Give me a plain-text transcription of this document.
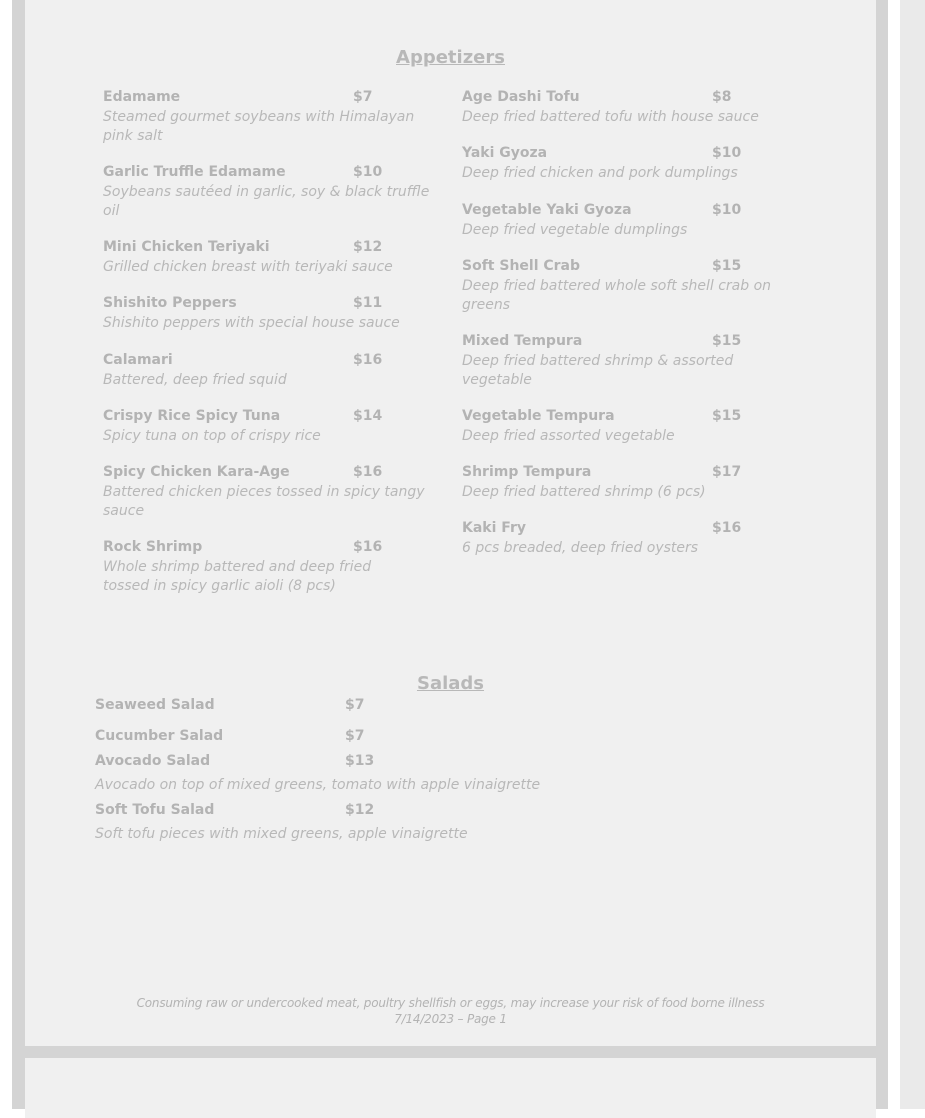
Appetizers
Edamame	$7
Steamed gourmet soybeans with Himalayan pink salt
Garlic Truffle Edamame	$10
Soybeans sautéed in garlic, soy & black truffle oil
Mini Chicken Teriyaki	$12
Grilled chicken breast with teriyaki sauce
Shishito Peppers	$11
Shishito peppers with special house sauce
Calamari	$16
Battered, deep fried squid
Crispy Rice Spicy Tuna	$14
Spicy tuna on top of crispy rice
Spicy Chicken Kara-Age	$16
Battered chicken pieces tossed in spicy tangy sauce
Rock Shrimp	$16
Whole shrimp battered and deep fried tossed in spicy garlic aioli (8 pcs)
Age Dashi Tofu	$8
Deep fried battered tofu with house sauce
Yaki Gyoza	$10
Deep fried chicken and pork dumplings
Vegetable Yaki Gyoza	$10
Deep fried vegetable dumplings
Soft Shell Crab	$15
Deep fried battered whole soft shell crab on greens
Mixed Tempura	$15
Deep fried battered shrimp & assorted vegetable
Vegetable Tempura	$15
Deep fried assorted vegetable
Shrimp Tempura	$17
Deep fried battered shrimp (6 pcs)
Kaki Fry	$16
6 pcs breaded, deep fried oysters
Salads
Seaweed Salad	$7
Cucumber Salad	$7
Avocado Salad	$13
Avocado on top of mixed greens, tomato with apple vinaigrette
Soft Tofu Salad	$12
Soft tofu pieces with mixed greens, apple vinaigrette
Consuming raw or undercooked meat, poultry shellfish or eggs, may increase your risk of food borne illness
7/14/2023 – Page 1
